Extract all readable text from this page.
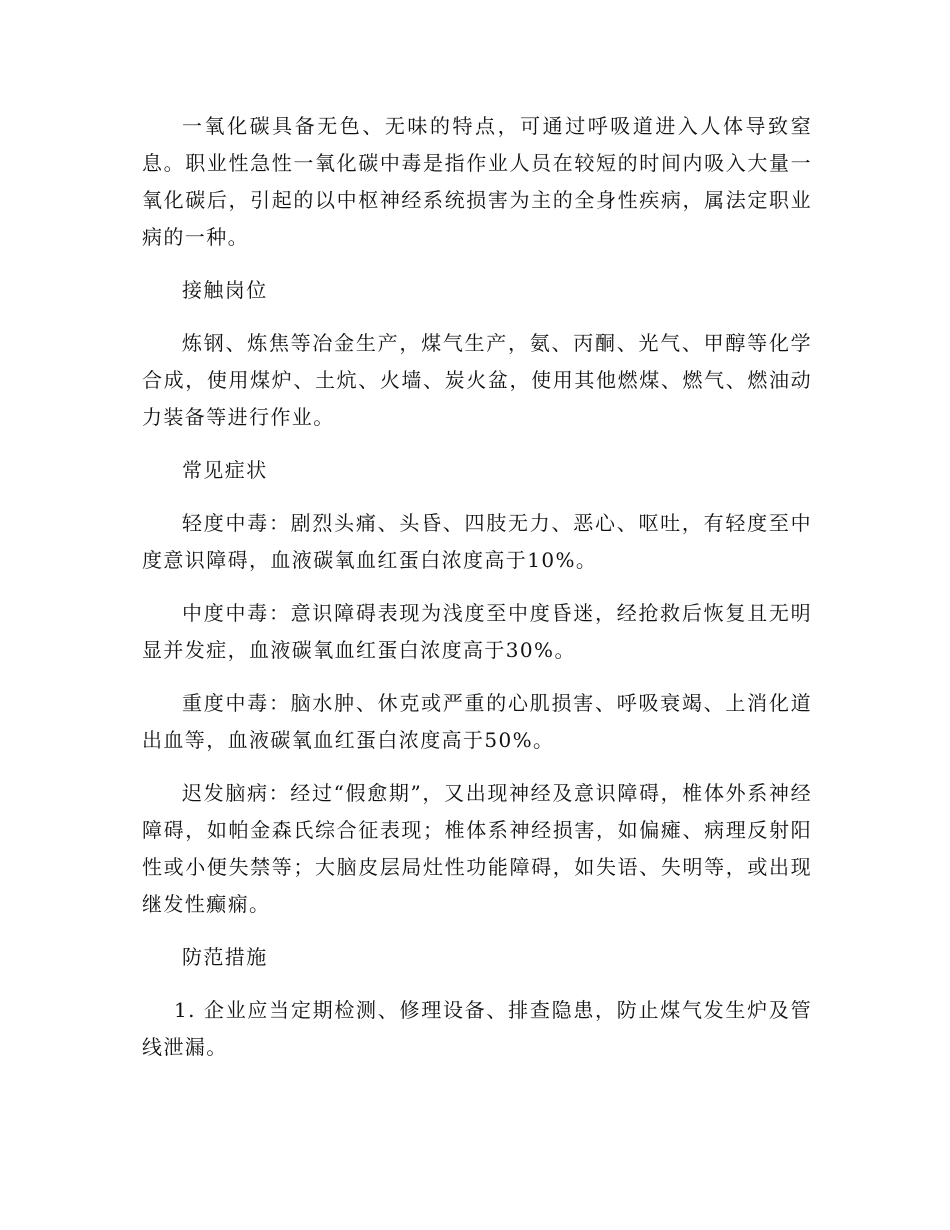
一氧化碳具备无色、无味的特点，可通过呼吸道进入人体导致窒息。职业性急性一氧化碳中毒是指作业人员在较短的时间内吸入大量一氧化碳后，引起的以中枢神经系统损害为主的全身性疾病，属法定职业病的一种。

接触岗位

炼钢、炼焦等冶金生产，煤气生产，氨、丙酮、光气、甲醇等化学合成，使用煤炉、土炕、火墙、炭火盆，使用其他燃煤、燃气、燃油动力装备等进行作业。

常见症状

轻度中毒：剧烈头痛、头昏、四肢无力、恶心、呕吐，有轻度至中度意识障碍，血液碳氧血红蛋白浓度高于10%。

中度中毒：意识障碍表现为浅度至中度昏迷，经抢救后恢复且无明显并发症，血液碳氧血红蛋白浓度高于30%。

重度中毒：脑水肿、休克或严重的心肌损害、呼吸衰竭、上消化道出血等，血液碳氧血红蛋白浓度高于50%。

迟发脑病：经过“假愈期”，又出现神经及意识障碍，椎体外系神经障碍，如帕金森氏综合征表现；椎体系神经损害，如偏瘫、病理反射阳性或小便失禁等；大脑皮层局灶性功能障碍，如失语、失明等，或出现继发性癫痫。

防范措施

1. 企业应当定期检测、修理设备、排查隐患，防止煤气发生炉及管线泄漏。
